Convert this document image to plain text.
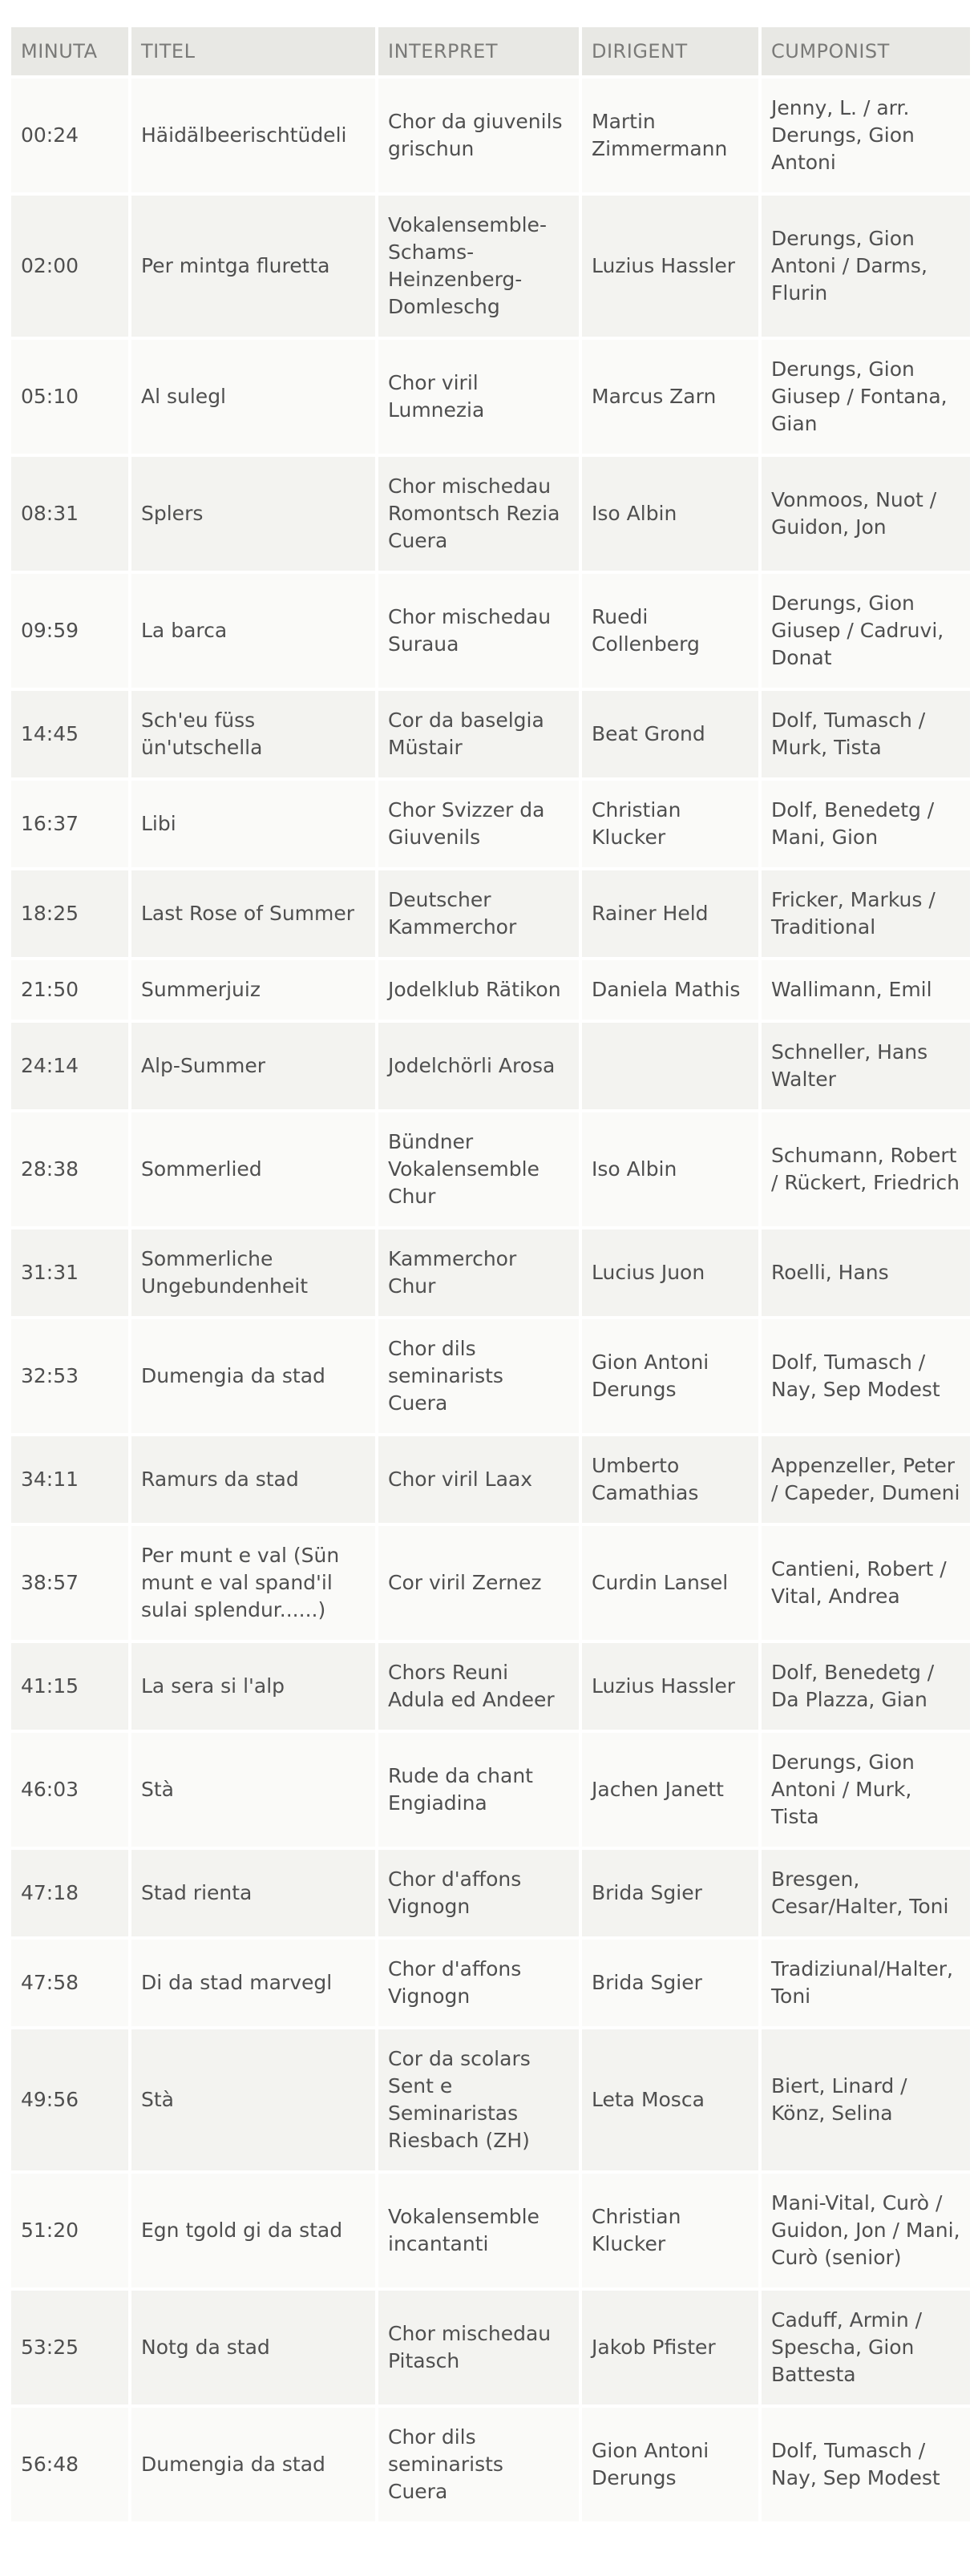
MINUTA	TITEL	INTERPRET	DIRIGENT	CUMPONIST
00:24	Häidälbeerischtüdeli	Chor da giuvenils grischun	Martin Zimmermann	Jenny, L. / arr. Derungs, Gion Antoni
02:00	Per mintga fluretta	Vokalensemble-Schams-Heinzenberg-Domleschg	Luzius Hassler	Derungs, Gion Antoni / Darms, Flurin
05:10	Al sulegl	Chor viril Lumnezia	Marcus Zarn	Derungs, Gion Giusep / Fontana, Gian
08:31	Splers	Chor mischedau Romontsch Rezia Cuera	Iso Albin	Vonmoos, Nuot / Guidon, Jon
09:59	La barca	Chor mischedau Suraua	Ruedi Collenberg	Derungs, Gion Giusep / Cadruvi, Donat
14:45	Sch'eu füss ün'utschella	Cor da baselgia Müstair	Beat Grond	Dolf, Tumasch / Murk, Tista
16:37	Libi	Chor Svizzer da Giuvenils	Christian Klucker	Dolf, Benedetg / Mani, Gion
18:25	Last Rose of Summer	Deutscher Kammerchor	Rainer Held	Fricker, Markus / Traditional
21:50	Summerjuiz	Jodelklub Rätikon	Daniela Mathis	Wallimann, Emil
24:14	Alp-Summer	Jodelchörli Arosa		Schneller, Hans Walter
28:38	Sommerlied	Bündner Vokalensemble Chur	Iso Albin	Schumann, Robert / Rückert, Friedrich
31:31	Sommerliche Ungebundenheit	Kammerchor Chur	Lucius Juon	Roelli, Hans
32:53	Dumengia da stad	Chor dils seminarists Cuera	Gion Antoni Derungs	Dolf, Tumasch / Nay, Sep Modest
34:11	Ramurs da stad	Chor viril Laax	Umberto Camathias	Appenzeller, Peter / Capeder, Dumeni
38:57	Per munt e val (Sün munt e val spand'il sulai splendur......)	Cor viril Zernez	Curdin Lansel	Cantieni, Robert / Vital, Andrea
41:15	La sera si l'alp	Chors Reuni Adula ed Andeer	Luzius Hassler	Dolf, Benedetg / Da Plazza, Gian
46:03	Stà	Rude da chant Engiadina	Jachen Janett	Derungs, Gion Antoni / Murk, Tista
47:18	Stad rienta	Chor d'affons Vignogn	Brida Sgier	Bresgen, Cesar/Halter, Toni
47:58	Di da stad marvegl	Chor d'affons Vignogn	Brida Sgier	Tradiziunal/Halter, Toni
49:56	Stà	Cor da scolars Sent e Seminaristas Riesbach (ZH)	Leta Mosca	Biert, Linard / Könz, Selina
51:20	Egn tgold gi da stad	Vokalensemble incantanti	Christian Klucker	Mani-Vital, Curò / Guidon, Jon / Mani, Curò (senior)
53:25	Notg da stad	Chor mischedau Pitasch	Jakob Pfister	Caduff, Armin / Spescha, Gion Battesta
56:48	Dumengia da stad	Chor dils seminarists Cuera	Gion Antoni Derungs	Dolf, Tumasch / Nay, Sep Modest
